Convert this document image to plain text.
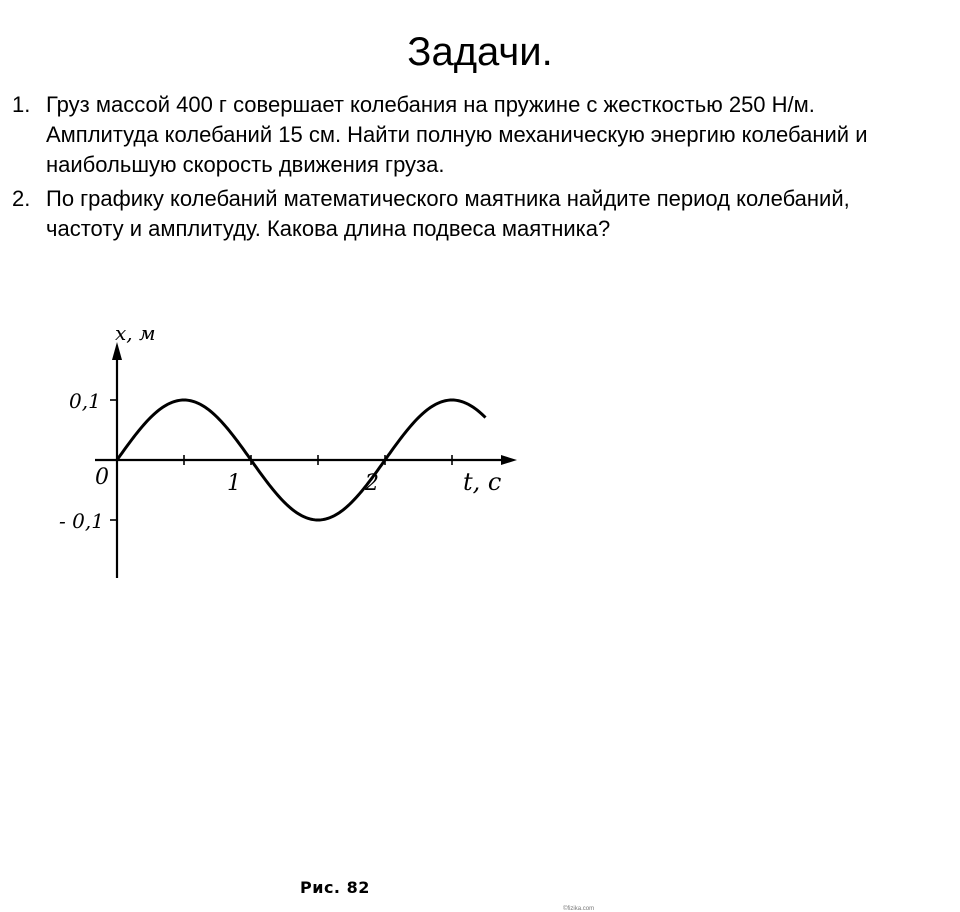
Задачи.
1. Груз массой 400 г совершает колебания на пружине с жесткостью 250 Н/м. Амплитуда колебаний 15 см. Найти полную механическую энергию колебаний и наибольшую скорость движения груза.
2. По графику колебаний математического маятника найдите период колебаний, частоту и амплитуду. Какова длина подвеса маятника?
x, м
t, c
0	1	2
0,1
- 0,1
Рис. 82
©fizika.com
